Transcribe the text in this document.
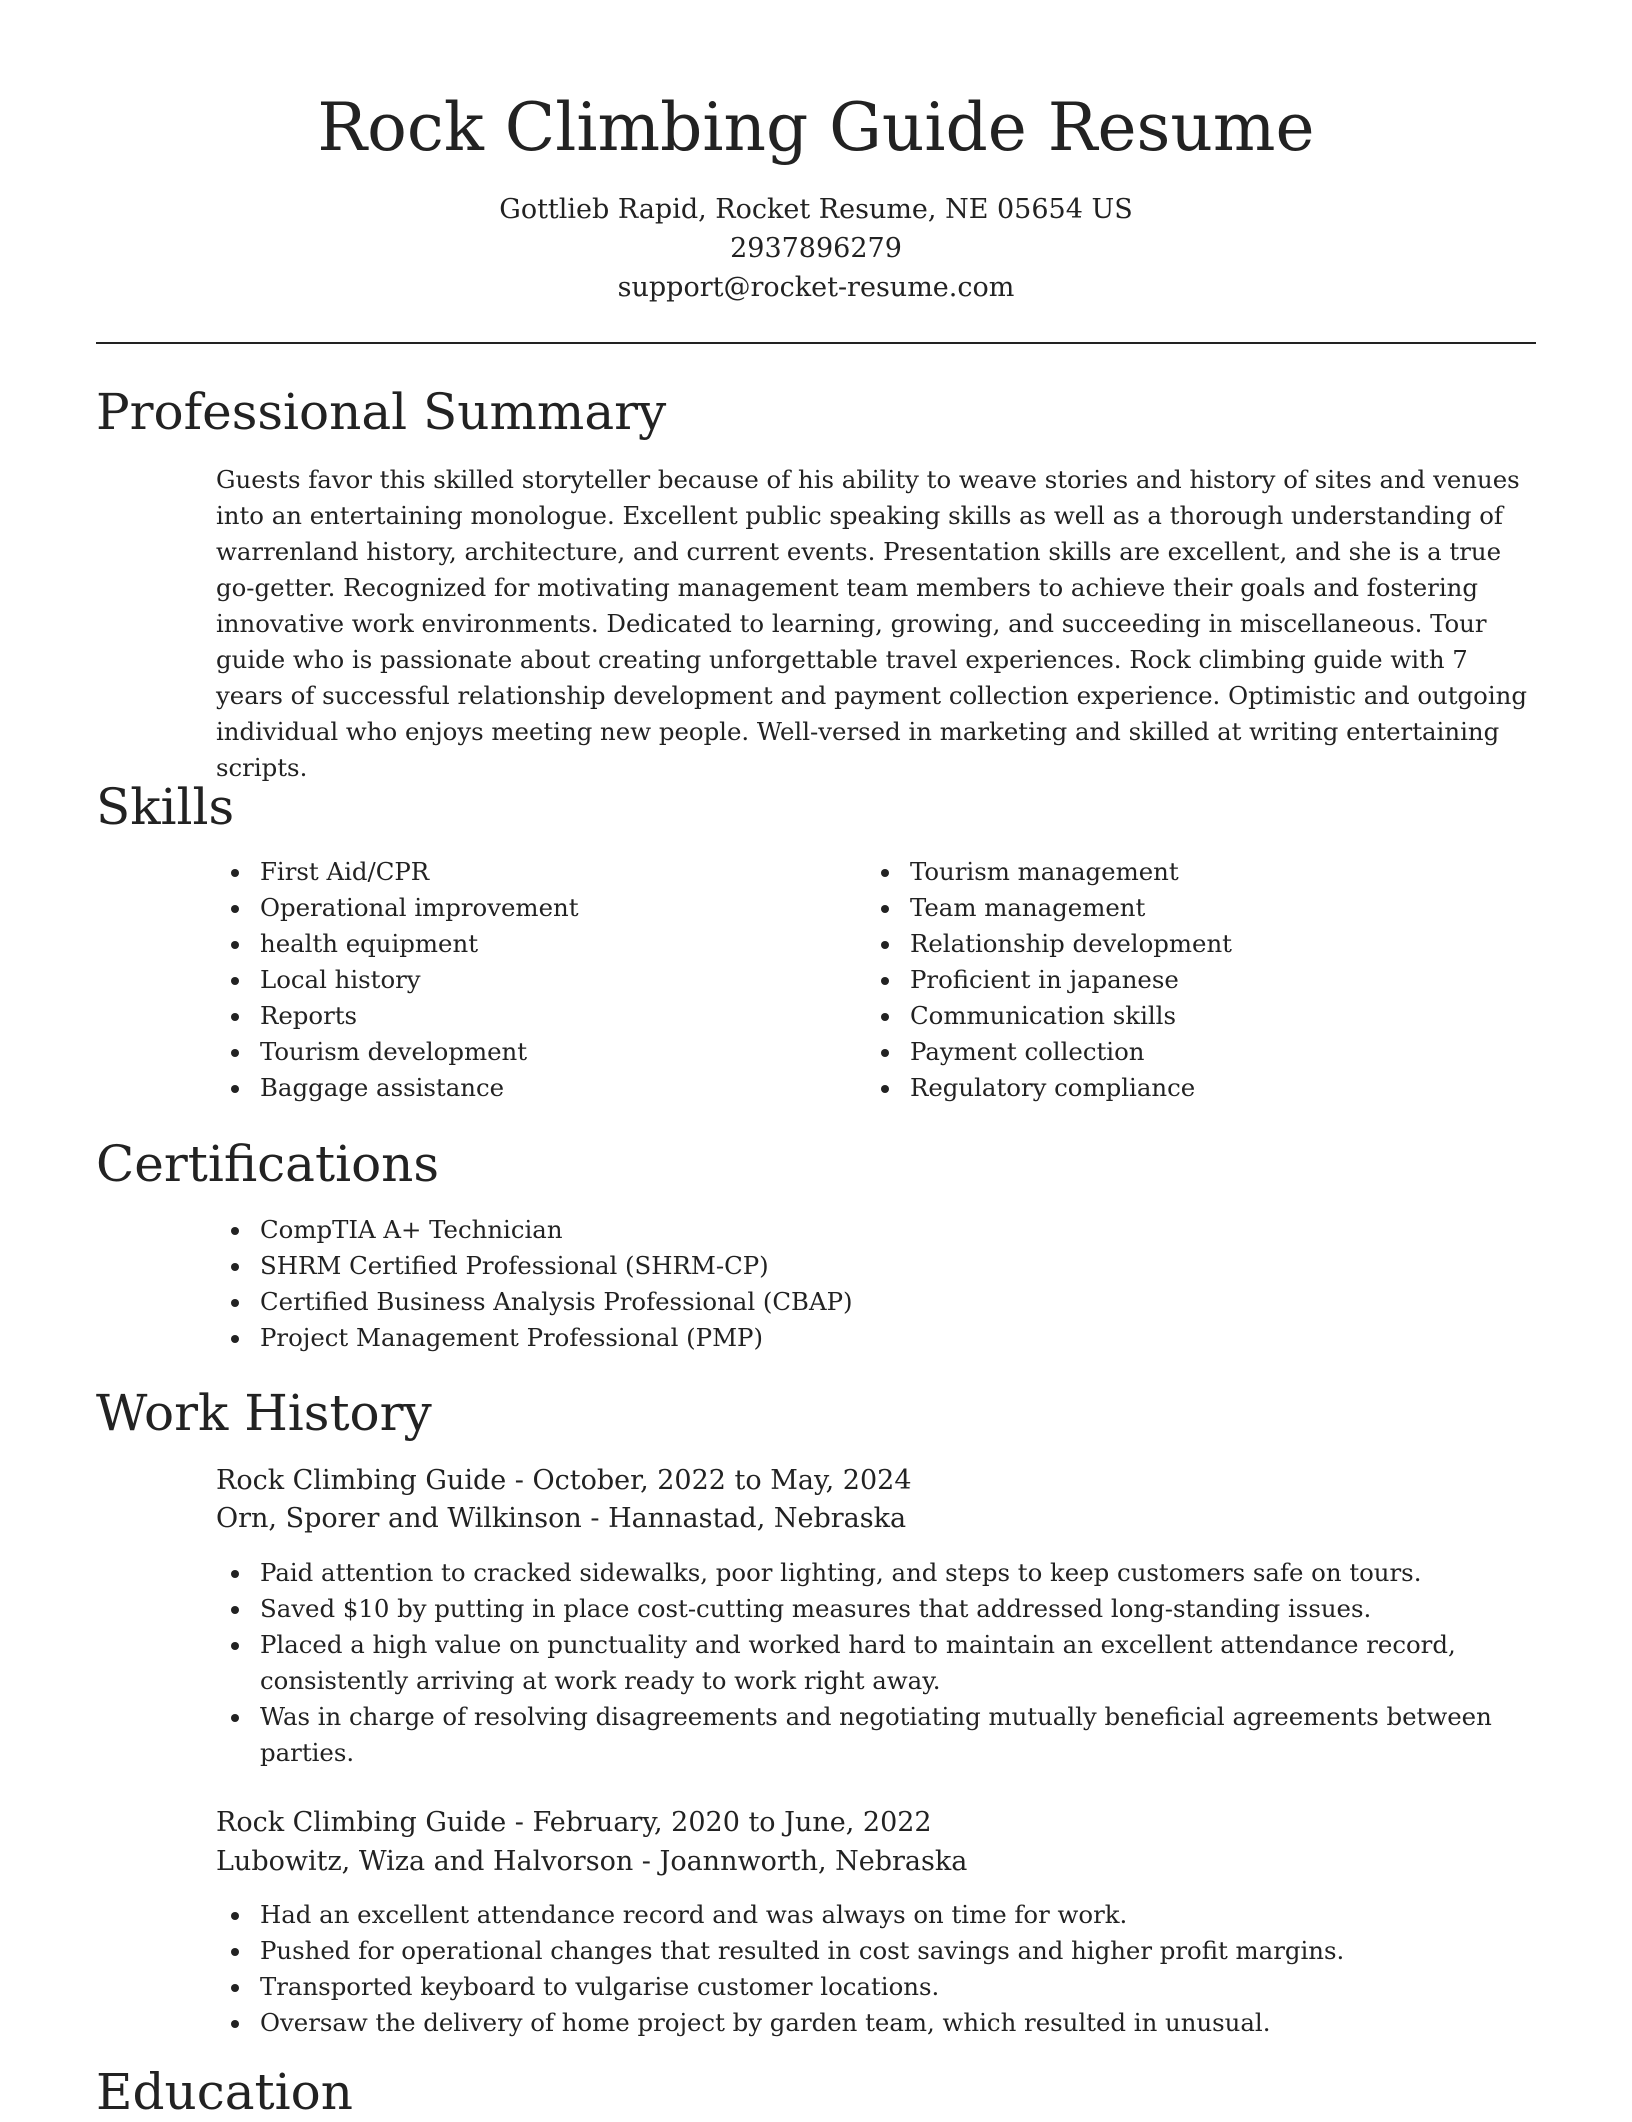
Rock Climbing Guide Resume

Gottlieb Rapid, Rocket Resume, NE 05654 US

2937896279

support@rocket-resume.com

Professional Summary

Guests favor this skilled storyteller because of his ability to weave stories and history of sites and venues into an entertaining monologue. Excellent public speaking skills as well as a thorough understanding of warrenland history, architecture, and current events. Presentation skills are excellent, and she is a true go-getter. Recognized for motivating management team members to achieve their goals and fostering innovative work environments. Dedicated to learning, growing, and succeeding in miscellaneous. Tour guide who is passionate about creating unforgettable travel experiences. Rock climbing guide with 7 years of successful relationship development and payment collection experience. Optimistic and outgoing individual who enjoys meeting new people. Well-versed in marketing and skilled at writing entertaining scripts.

Skills
First Aid/CPR
Operational improvement
health equipment
Local history
Reports
Tourism development
Baggage assistance
Tourism management
Team management
Relationship development
Proficient in japanese
Communication skills
Payment collection
Regulatory compliance
Certifications
CompTIA A+ Technician
SHRM Certified Professional (SHRM-CP)
Certified Business Analysis Professional (CBAP)
Project Management Professional (PMP)
Work History

Rock Climbing Guide - October, 2022 to May, 2024

Orn, Sporer and Wilkinson - Hannastad, Nebraska

Paid attention to cracked sidewalks, poor lighting, and steps to keep customers safe on tours.
Saved $10 by putting in place cost-cutting measures that addressed long-standing issues.
Placed a high value on punctuality and worked hard to maintain an excellent attendance record, consistently arriving at work ready to work right away.
Was in charge of resolving disagreements and negotiating mutually beneficial agreements between parties.

Rock Climbing Guide - February, 2020 to June, 2022

Lubowitz, Wiza and Halvorson - Joannworth, Nebraska

Had an excellent attendance record and was always on time for work.
Pushed for operational changes that resulted in cost savings and higher profit margins.
Transported keyboard to vulgarise customer locations.
Oversaw the delivery of home project by garden team, which resulted in unusual.
Education
